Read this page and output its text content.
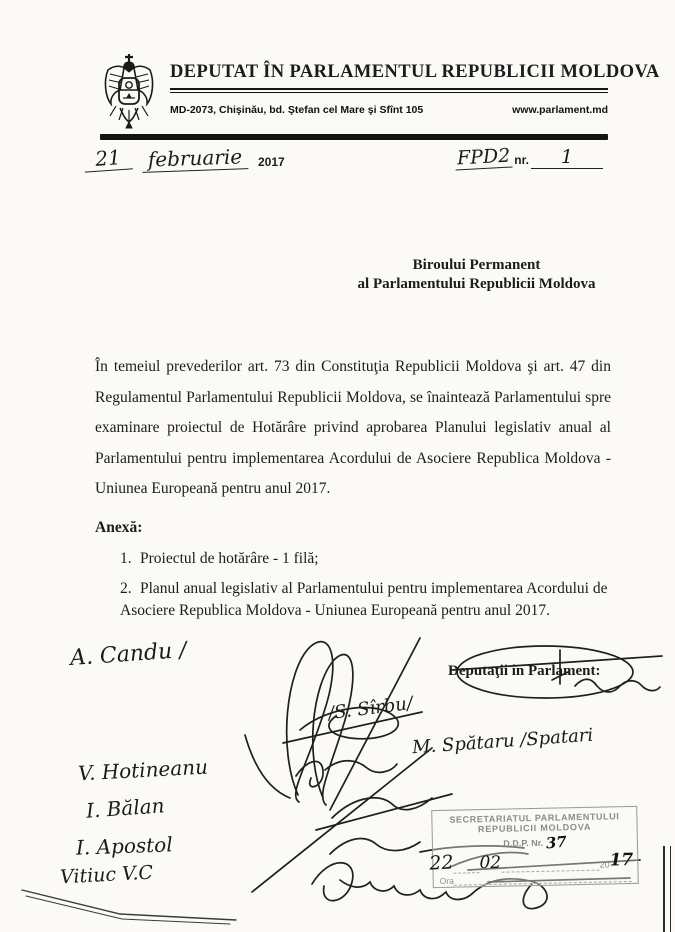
DEPUTAT ÎN PARLAMENTUL REPUBLICII MOLDOVA
MD-2073, Chişinău, bd. Ştefan cel Mare şi Sfînt 105	www.parlament.md
21	februarie	2017	FPD2 nr.	1
Biroului Permanent
al Parlamentului Republicii Moldova
În temeiul prevederilor art. 73 din Constituţia Republicii Moldova şi art. 47 din Regulamentul Parlamentului Republicii Moldova, se înaintează Parlamentului spre examinare proiectul de Hotărâre privind aprobarea Planului legislativ anual al Parlamentului pentru implementarea Acordului de Asociere Republica Moldova - Uniunea Europeană pentru anul 2017.
Anexă:
1. Proiectul de hotărâre - 1 filă;
2. Planul anual legislativ al Parlamentului pentru implementarea Acordului de Asociere Republica Moldova - Uniunea Europeană pentru anul 2017.
Deputaţii în Parlament:
A. Candu /
/S. Sîrbu/
M. Spătaru /Spatari
V. Hotineanu
I. Bălan
I. Apostol
Vitiuc V.C
SECRETARIATUL PARLAMENTULUI
REPUBLICII MOLDOVA
D.D.P. Nr. 37
22 02	20 17
Ora
